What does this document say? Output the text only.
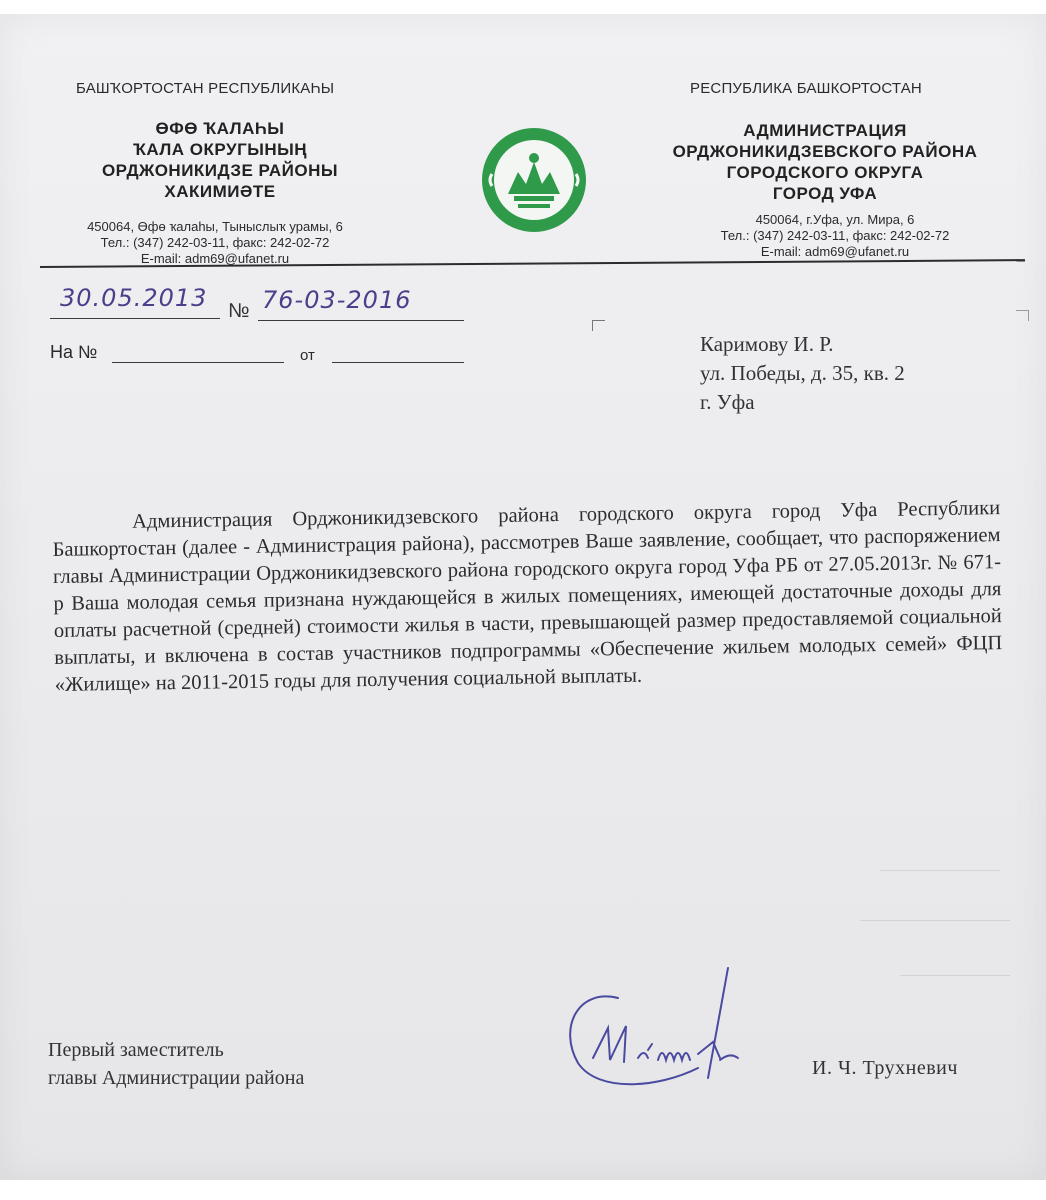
БАШҠОРТОСТАН РЕСПУБЛИКАҺЫ
ӨФӨ ҠАЛАҺЫ
ҠАЛА ОКРУГЫНЫҢ
ОРДЖОНИКИДЗЕ РАЙОНЫ
ХАКИМИӘТЕ
450064, Өфө ҡалаһы, Тыныслыҡ урамы, 6
Тел.: (347) 242-03-11, факс: 242-02-72
E-mail: adm69@ufanet.ru
РЕСПУБЛИКА БАШКОРТОСТАН
АДМИНИСТРАЦИЯ
ОРДЖОНИКИДЗЕВСКОГО РАЙОНА
ГОРОДСКОГО ОКРУГА
ГОРОД УФА
450064, г.Уфа, ул. Мира, 6
Тел.: (347) 242-03-11, факс: 242-02-72
E-mail: adm69@ufanet.ru
30.05.2013 № 76-03-2016
На №	от	Каримову И. Р.
ул. Победы, д. 35, кв. 2
г. Уфа
Администрация Орджоникидзевского района городского округа город Уфа Республики Башкортостан (далее - Администрация района), рассмотрев Ваше заявление, сообщает, что распоряжением главы Администрации Орджоникидзевского района городского округа город Уфа РБ от 27.05.2013г. № 671-р Ваша молодая семья признана нуждающейся в жилых помещениях, имеющей достаточные доходы для оплаты расчетной (средней) стоимости жилья в части, превышающей размер предоставляемой социальной выплаты, и включена в состав участников подпрограммы «Обеспечение жильем молодых семей» ФЦП «Жилище» на 2011-2015 годы для получения социальной выплаты.
Первый заместитель
главы Администрации района	И. Ч. Трухневич
